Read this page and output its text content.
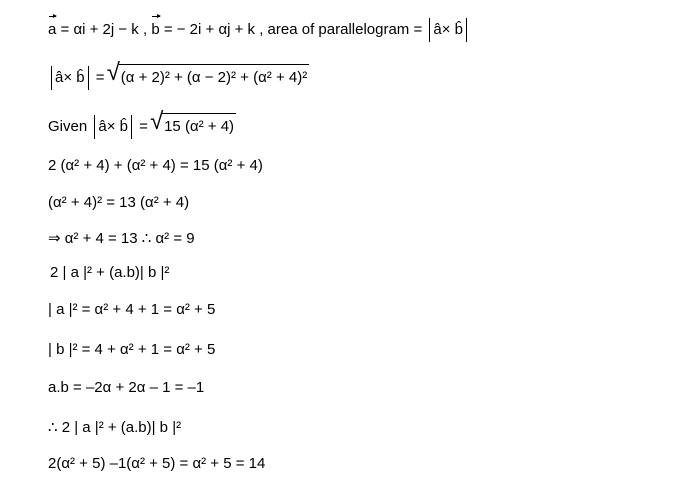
a = αi + 2j − k , b = − 2i + αj + k , area of parallelogram = â× b̂
â× b̂ =
√ (α + 2)² + (α − 2)² + (α² + 4)²
Given â× b̂ =
√ 15 (α² + 4)
2 (α² + 4) + (α² + 4) = 15 (α² + 4)
(α² + 4)² = 13 (α² + 4)
⇒ α² + 4 = 13 ∴ α² = 9
2 | a |² + (a.b)| b |²
| a |² = α² + 4 + 1 = α² + 5
| b |² = 4 + α² + 1 = α² + 5
a.b = –2α + 2α – 1 = –1
∴ 2 | a |² + (a.b)| b |²
2(α² + 5) –1(α² + 5) = α² + 5 = 14
